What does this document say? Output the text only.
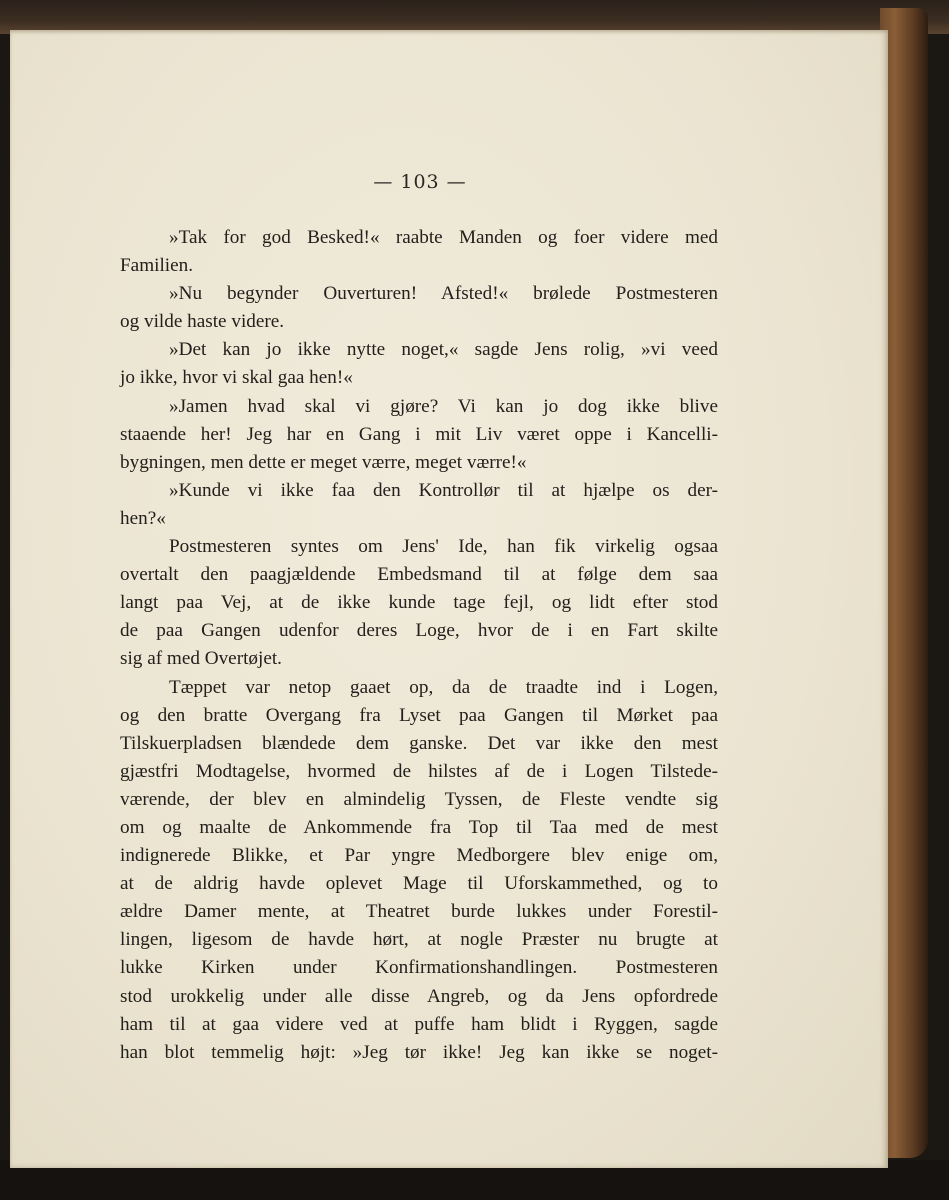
— 103 —
»Tak for god Besked!« raabte Manden og foer videre med
Familien.
»Nu begynder Ouverturen! Afsted!« brølede Postmesteren
og vilde haste videre.
»Det kan jo ikke nytte noget,« sagde Jens rolig, »vi veed
jo ikke, hvor vi skal gaa hen!«
»Jamen hvad skal vi gjøre? Vi kan jo dog ikke blive
staaende her! Jeg har en Gang i mit Liv været oppe i Kancelli-
bygningen, men dette er meget værre, meget værre!«
»Kunde vi ikke faa den Kontrollør til at hjælpe os der-
hen?«
Postmesteren syntes om Jens' Ide, han fik virkelig ogsaa
overtalt den paagjældende Embedsmand til at følge dem saa
langt paa Vej, at de ikke kunde tage fejl, og lidt efter stod
de paa Gangen udenfor deres Loge, hvor de i en Fart skilte
sig af med Overtøjet.
Tæppet var netop gaaet op, da de traadte ind i Logen,
og den bratte Overgang fra Lyset paa Gangen til Mørket paa
Tilskuerpladsen blændede dem ganske. Det var ikke den mest
gjæstfri Modtagelse, hvormed de hilstes af de i Logen Tilstede-
værende, der blev en almindelig Tyssen, de Fleste vendte sig
om og maalte de Ankommende fra Top til Taa med de mest
indignerede Blikke, et Par yngre Medborgere blev enige om,
at de aldrig havde oplevet Mage til Uforskammethed, og to
ældre Damer mente, at Theatret burde lukkes under Forestil-
lingen, ligesom de havde hørt, at nogle Præster nu brugte at
lukke Kirken under Konfirmationshandlingen. Postmesteren
stod urokkelig under alle disse Angreb, og da Jens opfordrede
ham til at gaa videre ved at puffe ham blidt i Ryggen, sagde
han blot temmelig højt: »Jeg tør ikke! Jeg kan ikke se noget-
